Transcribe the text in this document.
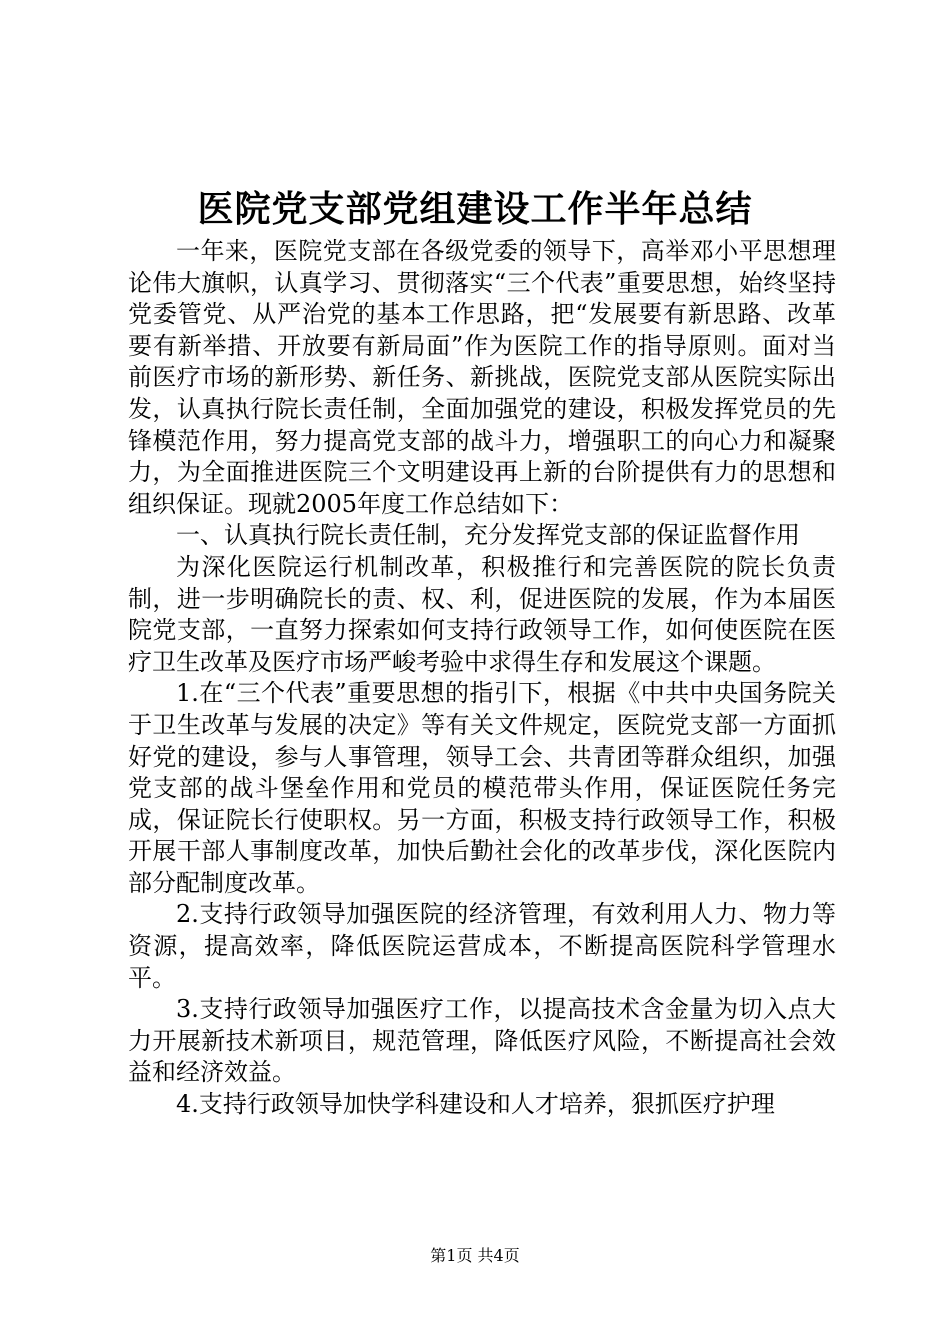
医院党支部党组建设工作半年总结

一年来，医院党支部在各级党委的领导下，高举邓小平思想理论伟大旗帜，认真学习、贯彻落实“三个代表”重要思想，始终坚持党委管党、从严治党的基本工作思路，把“发展要有新思路、改革要有新举措、开放要有新局面”作为医院工作的指导原则。面对当前医疗市场的新形势、新任务、新挑战，医院党支部从医院实际出发，认真执行院长责任制，全面加强党的建设，积极发挥党员的先锋模范作用，努力提高党支部的战斗力，增强职工的向心力和凝聚力，为全面推进医院三个文明建设再上新的台阶提供有力的思想和组织保证。现就2005年度工作总结如下：

一、认真执行院长责任制，充分发挥党支部的保证监督作用

为深化医院运行机制改革，积极推行和完善医院的院长负责制，进一步明确院长的责、权、利，促进医院的发展，作为本届医院党支部，一直努力探索如何支持行政领导工作，如何使医院在医疗卫生改革及医疗市场严峻考验中求得生存和发展这个课题。

1.在“三个代表”重要思想的指引下，根据《中共中央国务院关于卫生改革与发展的决定》等有关文件规定，医院党支部一方面抓好党的建设，参与人事管理，领导工会、共青团等群众组织，加强党支部的战斗堡垒作用和党员的模范带头作用，保证医院任务完成，保证院长行使职权。另一方面，积极支持行政领导工作，积极开展干部人事制度改革，加快后勤社会化的改革步伐，深化医院内部分配制度改革。

2.支持行政领导加强医院的经济管理，有效利用人力、物力等资源，提高效率，降低医院运营成本，不断提高医院科学管理水平。

3.支持行政领导加强医疗工作，以提高技术含金量为切入点大力开展新技术新项目，规范管理，降低医疗风险，不断提高社会效益和经济效益。

4.支持行政领导加快学科建设和人才培养，狠抓医疗护理

第1页 共4页
